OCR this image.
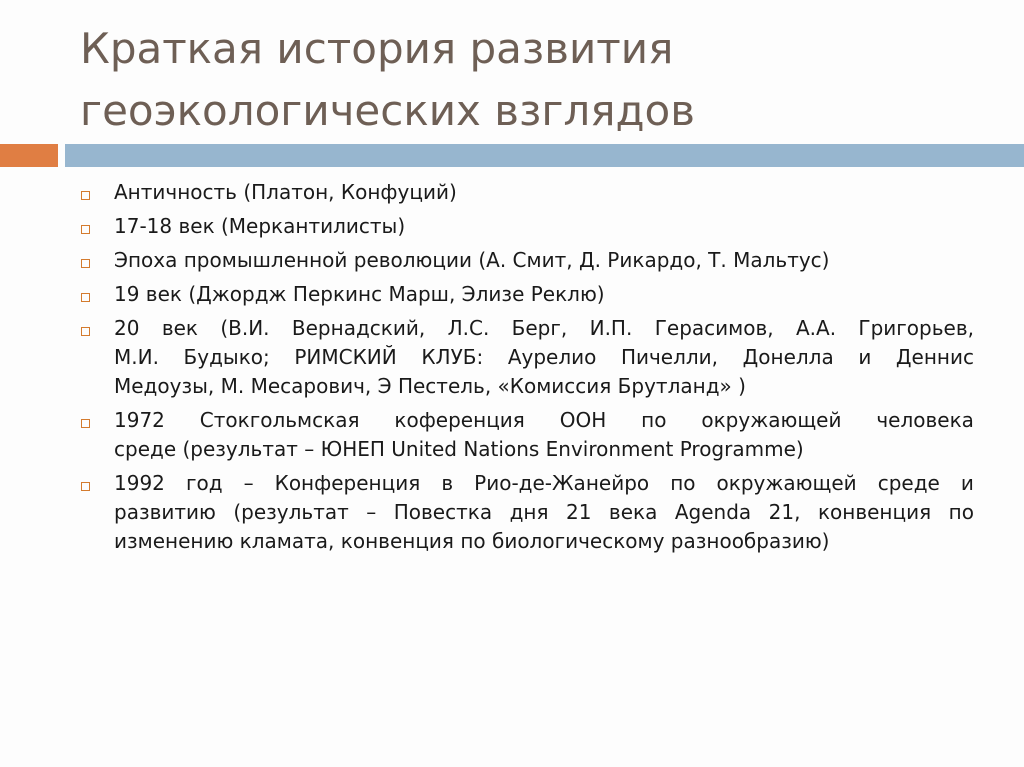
Краткая история развития
геоэкологических взглядов
Античность (Платон, Конфуций)
17-18 век (Меркантилисты)
Эпоха промышленной революции (А. Смит, Д. Рикардо, Т. Мальтус)
19 век (Джордж Перкинс Марш, Элизе Реклю)
20 век (В.И. Вернадский, Л.С. Берг, И.П. Герасимов, А.А. Григорьев,
М.И. Будыко; РИМСКИЙ КЛУБ: Аурелио Пичелли, Донелла и Деннис
Медоузы, М. Месарович, Э Пестель, «Комиссия Брутланд» )
1972 Стокгольмская коференция ООН по окружающей человека
среде (результат – ЮНЕП United Nations Environment Programme)
1992 год – Конференция в Рио-де-Жанейро по окружающей среде и
развитию (результат – Повестка дня 21 века Agenda 21, конвенция по
изменению кламата, конвенция по биологическому разнообразию)
